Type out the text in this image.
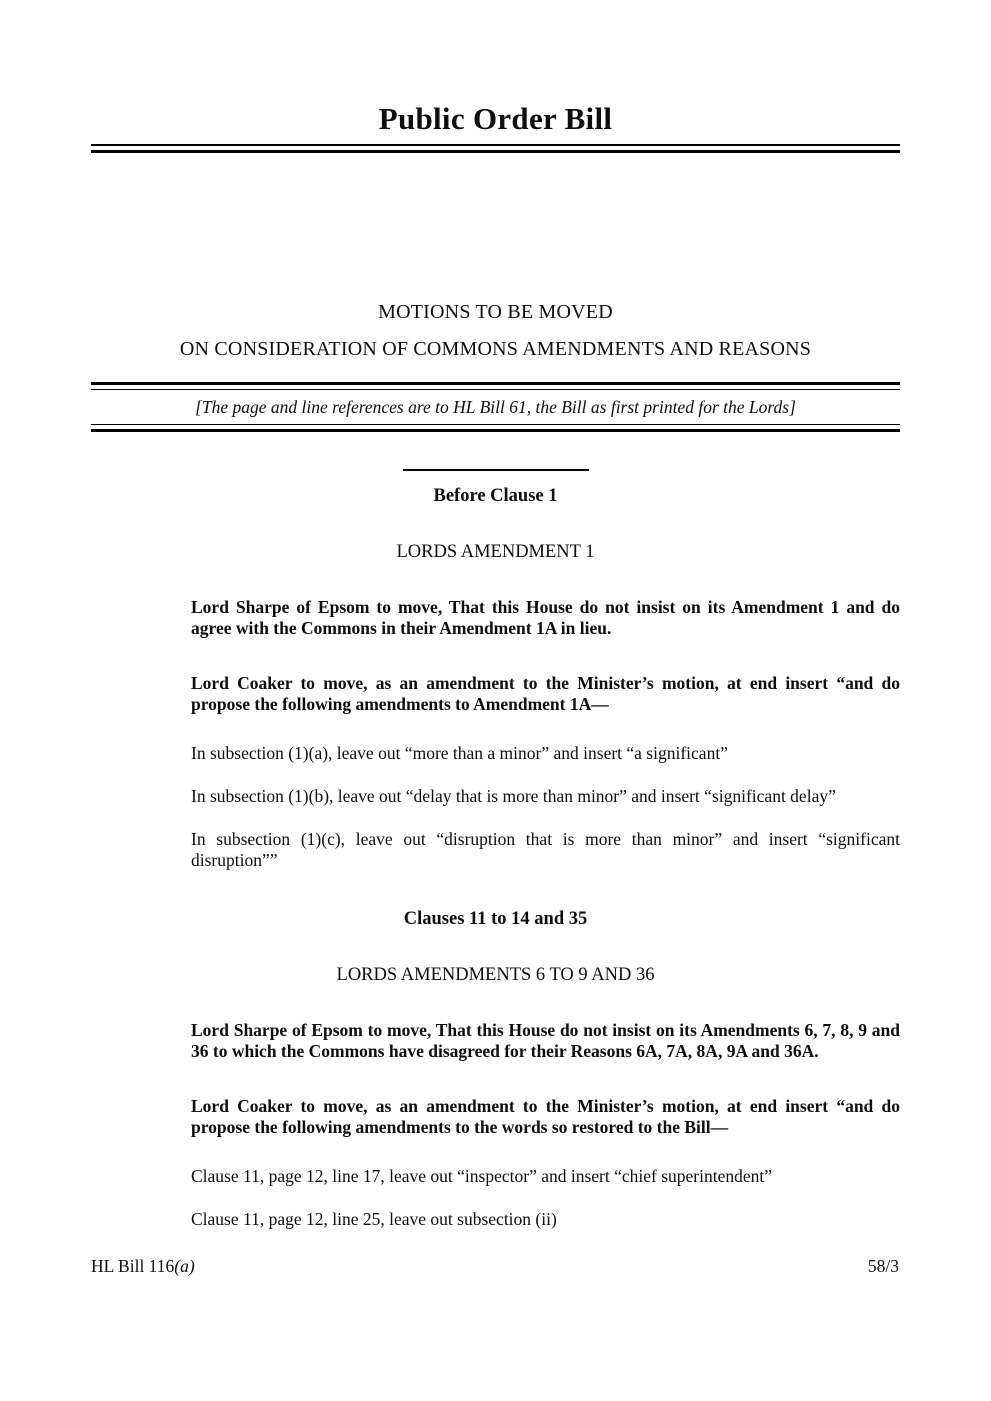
Public Order Bill

MOTIONS TO BE MOVED

ON CONSIDERATION OF COMMONS AMENDMENTS AND REASONS

[The page and line references are to HL Bill 61, the Bill as first printed for the Lords]

Before Clause 1

LORDS AMENDMENT 1

Lord Sharpe of Epsom to move, That this House do not insist on its Amendment 1 and do agree with the Commons in their Amendment 1A in lieu.

Lord Coaker to move, as an amendment to the Minister’s motion, at end insert “and do propose the following amendments to Amendment 1A—

In subsection (1)(a), leave out “more than a minor” and insert “a significant”

In subsection (1)(b), leave out “delay that is more than minor” and insert “significant delay”

In subsection (1)(c), leave out “disruption that is more than minor” and insert “significant disruption””

Clauses 11 to 14 and 35

LORDS AMENDMENTS 6 TO 9 AND 36

Lord Sharpe of Epsom to move, That this House do not insist on its Amendments 6, 7, 8, 9 and 36 to which the Commons have disagreed for their Reasons 6A, 7A, 8A, 9A and 36A.

Lord Coaker to move, as an amendment to the Minister’s motion, at end insert “and do propose the following amendments to the words so restored to the Bill—

Clause 11, page 12, line 17, leave out “inspector” and insert “chief superintendent”

Clause 11, page 12, line 25, leave out subsection (ii)

HL Bill 116(a)	58/3
